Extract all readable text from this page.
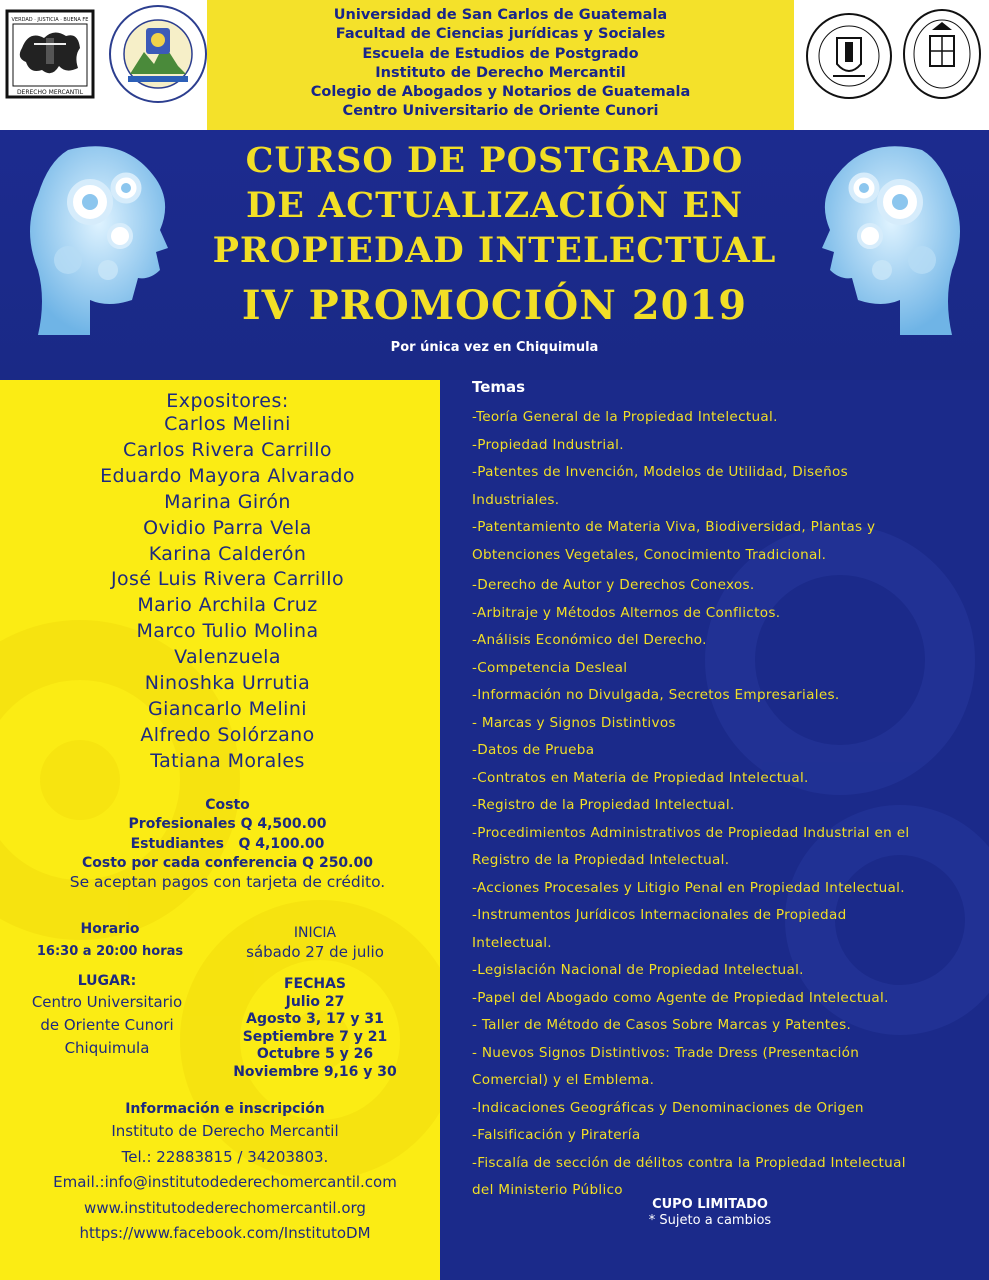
VERDAD · JUSTICIA · BUENA FE
DERECHO MERCANTIL
Universidad de San Carlos de Guatemala
Facultad de Ciencias jurídicas y Sociales
Escuela de Estudios de Postgrado
Instituto de Derecho Mercantil
Colegio de Abogados y Notarios de Guatemala
Centro Universitario de Oriente Cunori
CURSO DE POSTGRADO
DE ACTUALIZACIÓN EN
PROPIEDAD INTELECTUAL
IV PROMOCIÓN 2019
Por única vez en Chiquimula
Expositores:
Carlos Melini
Carlos Rivera Carrillo
Eduardo Mayora Alvarado
Marina Girón
Ovidio Parra Vela
Karina Calderón
José Luis Rivera Carrillo
Mario Archila Cruz
Marco Tulio Molina
Valenzuela
Ninoshka Urrutia
Giancarlo Melini
Alfredo Solórzano
Tatiana Morales
Costo
Profesionales Q 4,500.00
Estudiantes   Q 4,100.00
Costo por cada conferencia Q 250.00
Se aceptan pagos con tarjeta de crédito.
Horario
16:30 a 20:00 horas
LUGAR:
Centro Universitario
de Oriente Cunori
Chiquimula
INICIA
sábado 27 de julio
FECHAS
Julio 27
Agosto 3, 17 y 31
Septiembre 7 y 21
Octubre 5 y 26
Noviembre 9,16 y 30
Información e inscripción
Instituto de Derecho Mercantil
Tel.: 22883815 / 34203803.
Email.:info@institutodederechomercantil.com
www.institutodederechomercantil.org
https://www.facebook.com/InstitutoDM
Temas
-Teoría General de la Propiedad Intelectual.
-Propiedad Industrial.
-Patentes de Invención, Modelos de Utilidad, Diseños
Industriales.
-Patentamiento de Materia Viva, Biodiversidad, Plantas y
Obtenciones Vegetales, Conocimiento Tradicional.
-Derecho de Autor y Derechos Conexos.
-Arbitraje y Métodos Alternos de Conflictos.
-Análisis Económico del Derecho.
-Competencia Desleal
-Información no Divulgada, Secretos Empresariales.
- Marcas y Signos Distintivos
-Datos de Prueba
-Contratos en Materia de Propiedad Intelectual.
-Registro de la Propiedad Intelectual.
-Procedimientos Administrativos de Propiedad Industrial en el
Registro de la Propiedad Intelectual.
-Acciones Procesales y Litigio Penal en Propiedad Intelectual.
-Instrumentos Jurídicos Internacionales de Propiedad
Intelectual.
-Legislación Nacional de Propiedad Intelectual.
-Papel del Abogado como Agente de Propiedad Intelectual.
- Taller de Método de Casos Sobre Marcas y Patentes.
- Nuevos Signos Distintivos: Trade Dress (Presentación
Comercial) y el Emblema.
-Indicaciones Geográficas y Denominaciones de Origen
-Falsificación y Piratería
-Fiscalía de sección de délitos contra la Propiedad Intelectual
del Ministerio Público
CUPO LIMITADO
* Sujeto a cambios
